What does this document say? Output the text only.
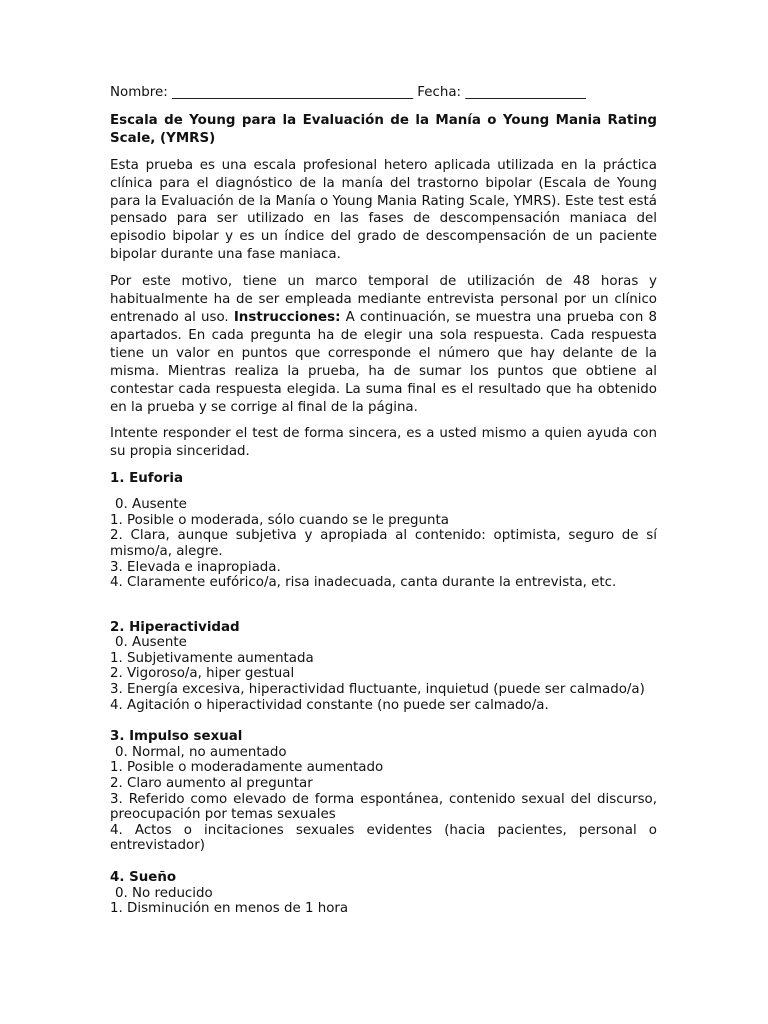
Nombre: ____________________________________ Fecha: __________________

Escala de Young para la Evaluación de la Manía o Young Mania Rating Scale, (YMRS)

Esta prueba es una escala profesional hetero aplicada utilizada en la práctica clínica para el diagnóstico de la manía del trastorno bipolar (Escala de Young para la Evaluación de la Manía o Young Mania Rating Scale, YMRS). Este test está pensado para ser utilizado en las fases de descompensación maniaca del episodio bipolar y es un índice del grado de descompensación de un paciente bipolar durante una fase maniaca.

Por este motivo, tiene un marco temporal de utilización de 48 horas y habitualmente ha de ser empleada mediante entrevista personal por un clínico entrenado al uso. Instrucciones: A continuación, se muestra una prueba con 8 apartados. En cada pregunta ha de elegir una sola respuesta. Cada respuesta tiene un valor en puntos que corresponde el número que hay delante de la misma. Mientras realiza la prueba, ha de sumar los puntos que obtiene al contestar cada respuesta elegida. La suma final es el resultado que ha obtenido en la prueba y se corrige al final de la página.

Intente responder el test de forma sincera, es a usted mismo a quien ayuda con su propia sinceridad.

1. Euforia

0. Ausente
1. Posible o moderada, sólo cuando se le pregunta
2. Clara, aunque subjetiva y apropiada al contenido: optimista, seguro de sí mismo/a, alegre.
3. Elevada e inapropiada.
4. Claramente eufórico/a, risa inadecuada, canta durante la entrevista, etc.

2. Hiperactividad

0. Ausente
1. Subjetivamente aumentada
2. Vigoroso/a, hiper gestual
3. Energía excesiva, hiperactividad fluctuante, inquietud (puede ser calmado/a)
4. Agitación o hiperactividad constante (no puede ser calmado/a.

3. Impulso sexual

0. Normal, no aumentado
1. Posible o moderadamente aumentado
2. Claro aumento al preguntar
3. Referido como elevado de forma espontánea, contenido sexual del discurso, preocupación por temas sexuales
4. Actos o incitaciones sexuales evidentes (hacia pacientes, personal o entrevistador)

4. Sueño

0. No reducido
1. Disminución en menos de 1 hora
